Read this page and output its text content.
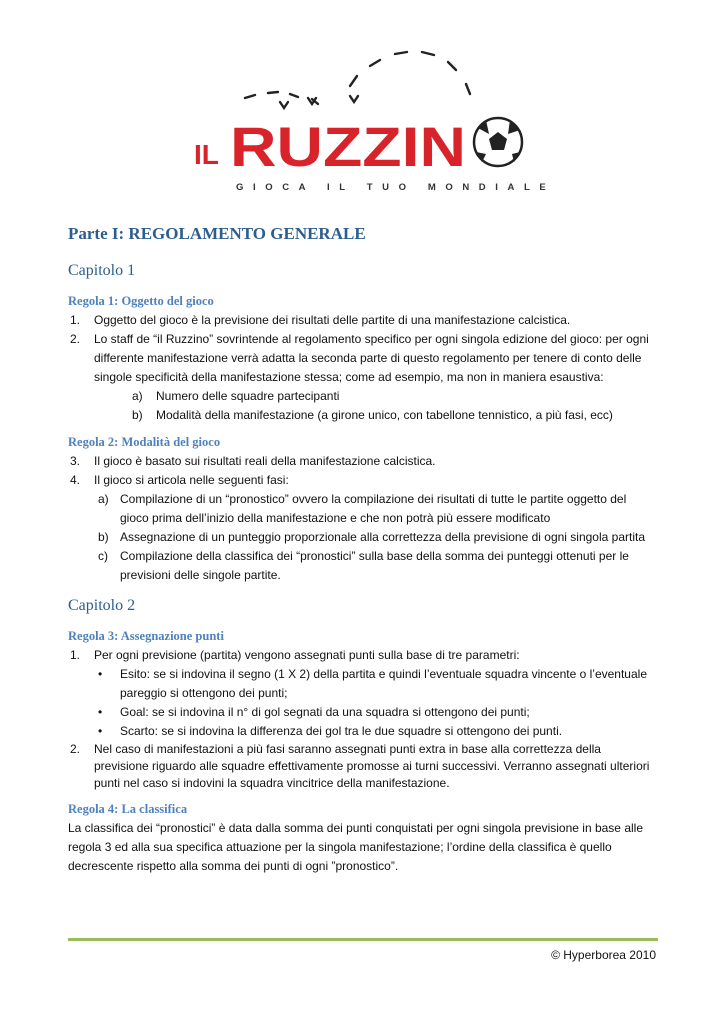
IL RUZZIN
GIOCA IL TUO MONDIALE
Parte I: REGOLAMENTO GENERALE
Capitolo 1
Regola 1: Oggetto del gioco
1.	Oggetto del gioco è la previsione dei risultati delle partite di una manifestazione calcistica.
2.	Lo staff de “il Ruzzino” sovrintende al regolamento specifico per ogni singola edizione del gioco: per ogni differente manifestazione verrà adatta la seconda parte di questo regolamento per tenere di conto delle singole specificità della manifestazione stessa; come ad esempio, ma non in maniera esaustiva:
a)	Numero delle squadre partecipanti
b)	Modalità della manifestazione (a girone unico, con tabellone tennistico, a più fasi, ecc)
Regola 2: Modalità del gioco
3.	Il gioco è basato sui risultati reali della manifestazione calcistica.
4.	Il gioco si articola nelle seguenti fasi:
a) Compilazione di un “pronostico” ovvero la compilazione dei risultati di tutte le partite oggetto del gioco prima dell’inizio della manifestazione e che non potrà più essere modificato
b) Assegnazione di un punteggio proporzionale alla correttezza della previsione di ogni singola partita
c)	Compilazione della classifica dei “pronostici” sulla base della somma dei punteggi ottenuti per le previsioni delle singole partite.
Capitolo 2
Regola 3: Assegnazione punti
1.	Per ogni previsione (partita) vengono assegnati punti sulla base di tre parametri:
•	Esito: se si indovina il segno (1 X 2) della partita e quindi l’eventuale squadra vincente o l’eventuale pareggio si ottengono dei punti;
•	Goal: se si indovina il n° di gol segnati da una squadra si ottengono dei punti;
•	Scarto: se si indovina la differenza dei gol tra le due squadre si ottengono dei punti.
2.	Nel caso di manifestazioni a più fasi saranno assegnati punti extra in base alla correttezza della previsione riguardo alle squadre effettivamente promosse ai turni successivi. Verranno assegnati ulteriori punti nel caso si indovini la squadra vincitrice della manifestazione.
Regola 4: La classifica
La classifica dei “pronostici” è data dalla somma dei punti conquistati per ogni singola previsione in base alle regola 3 ed alla sua specifica attuazione per la singola manifestazione; l’ordine della classifica è quello decrescente rispetto alla somma dei punti di ogni ”pronostico”.
© Hyperborea 2010
